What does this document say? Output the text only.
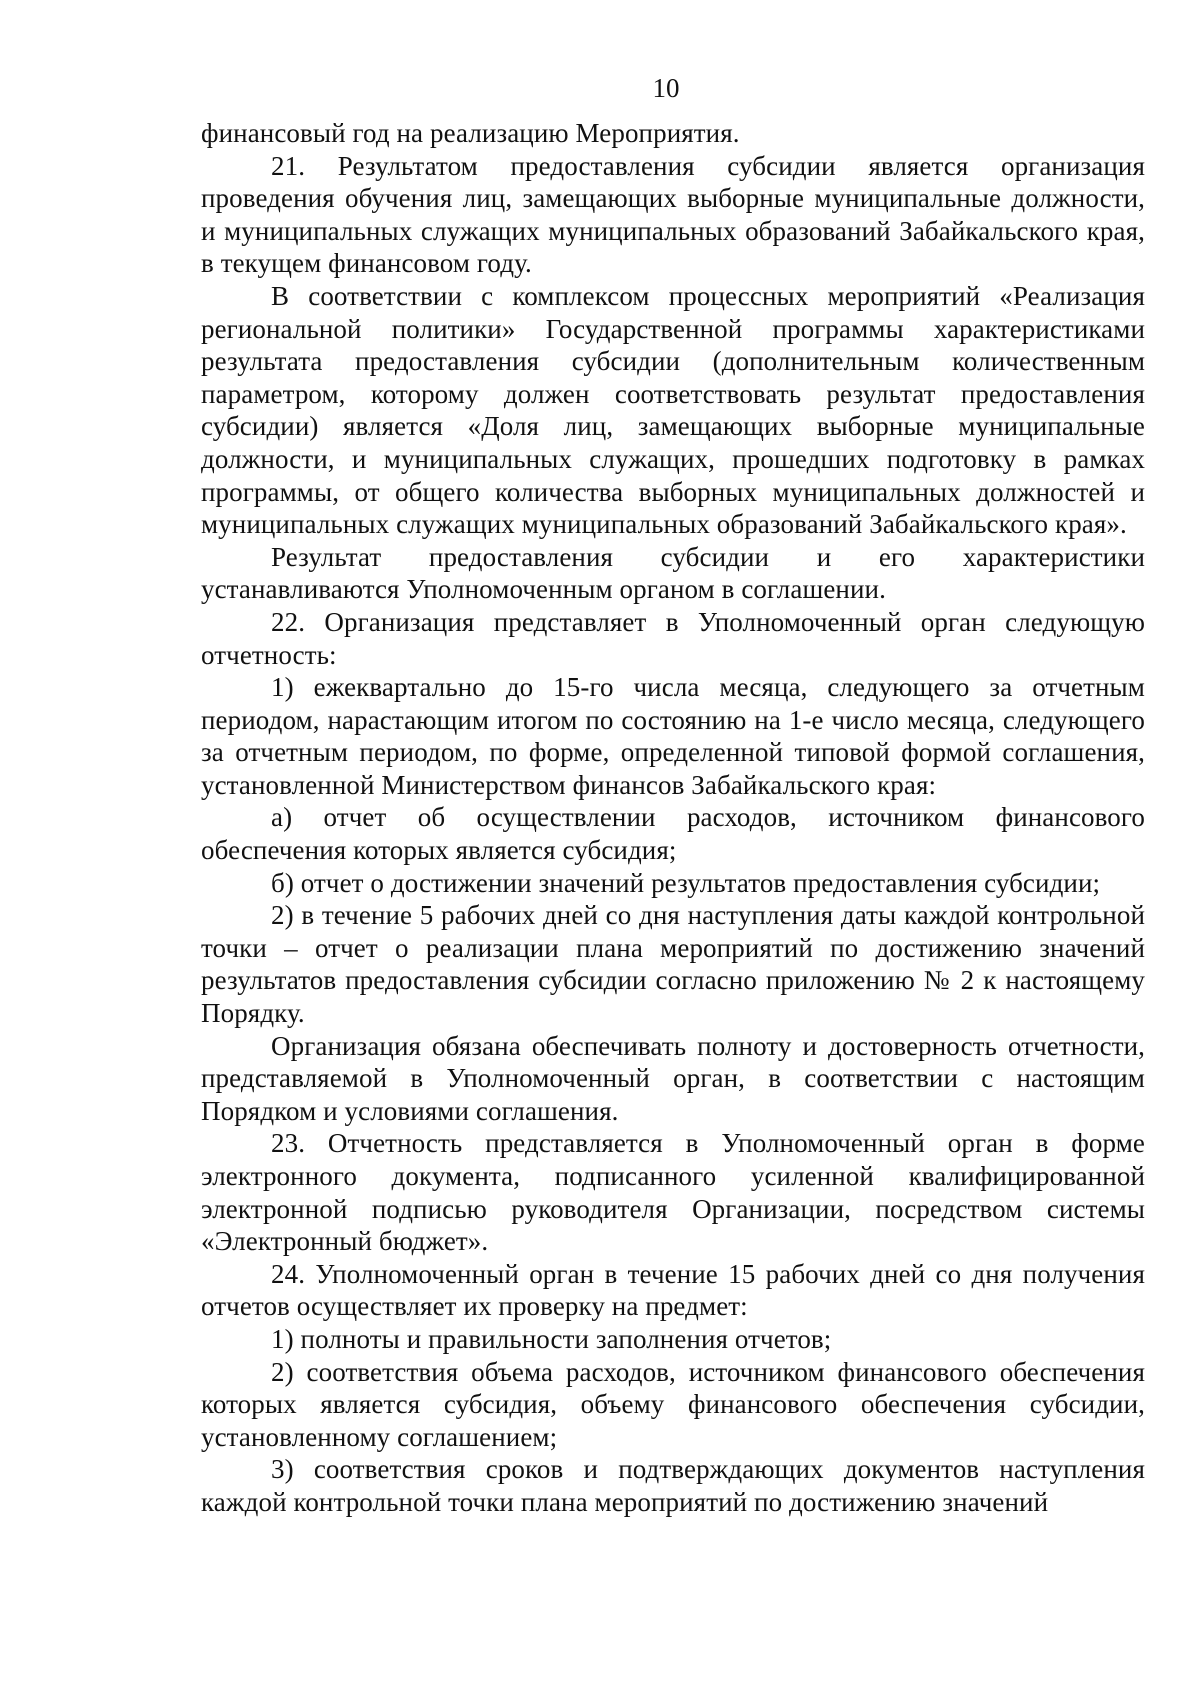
10

финансовый год на реализацию Мероприятия.

21. Результатом предоставления субсидии является организация проведения обучения лиц, замещающих выборные муниципальные должности, и муниципальных служащих муниципальных образований Забайкальского края, в текущем финансовом году.

В соответствии с комплексом процессных мероприятий «Реализация региональной политики» Государственной программы характеристиками результата предоставления субсидии (дополнительным количественным параметром, которому должен соответствовать результат предоставления субсидии) является «Доля лиц, замещающих выборные муниципальные должности, и муниципальных служащих, прошедших подготовку в рамках программы, от общего количества выборных муниципальных должностей и муниципальных служащих муниципальных образований Забайкальского края».

Результат предоставления субсидии и его характеристики устанавливаются Уполномоченным органом в соглашении.

22. Организация представляет в Уполномоченный орган следующую отчетность:

1) ежеквартально до 15-го числа месяца, следующего за отчетным периодом, нарастающим итогом по состоянию на 1-е число месяца, следующего за отчетным периодом, по форме, определенной типовой формой соглашения, установленной Министерством финансов Забайкальского края:

а) отчет об осуществлении расходов, источником финансового обеспечения которых является субсидия;

б) отчет о достижении значений результатов предоставления субсидии;

2) в течение 5 рабочих дней со дня наступления даты каждой контрольной точки – отчет о реализации плана мероприятий по достижению значений результатов предоставления субсидии согласно приложению № 2 к настоящему Порядку.

Организация обязана обеспечивать полноту и достоверность отчетности, представляемой в Уполномоченный орган, в соответствии с настоящим Порядком и условиями соглашения.

23. Отчетность представляется в Уполномоченный орган в форме электронного документа, подписанного усиленной квалифицированной электронной подписью руководителя Организации, посредством системы «Электронный бюджет».

24. Уполномоченный орган в течение 15 рабочих дней со дня получения отчетов осуществляет их проверку на предмет:

1) полноты и правильности заполнения отчетов;

2) соответствия объема расходов, источником финансового обеспечения которых является субсидия, объему финансового обеспечения субсидии, установленному соглашением;

3) соответствия сроков и подтверждающих документов наступления каждой контрольной точки плана мероприятий по достижению значений
